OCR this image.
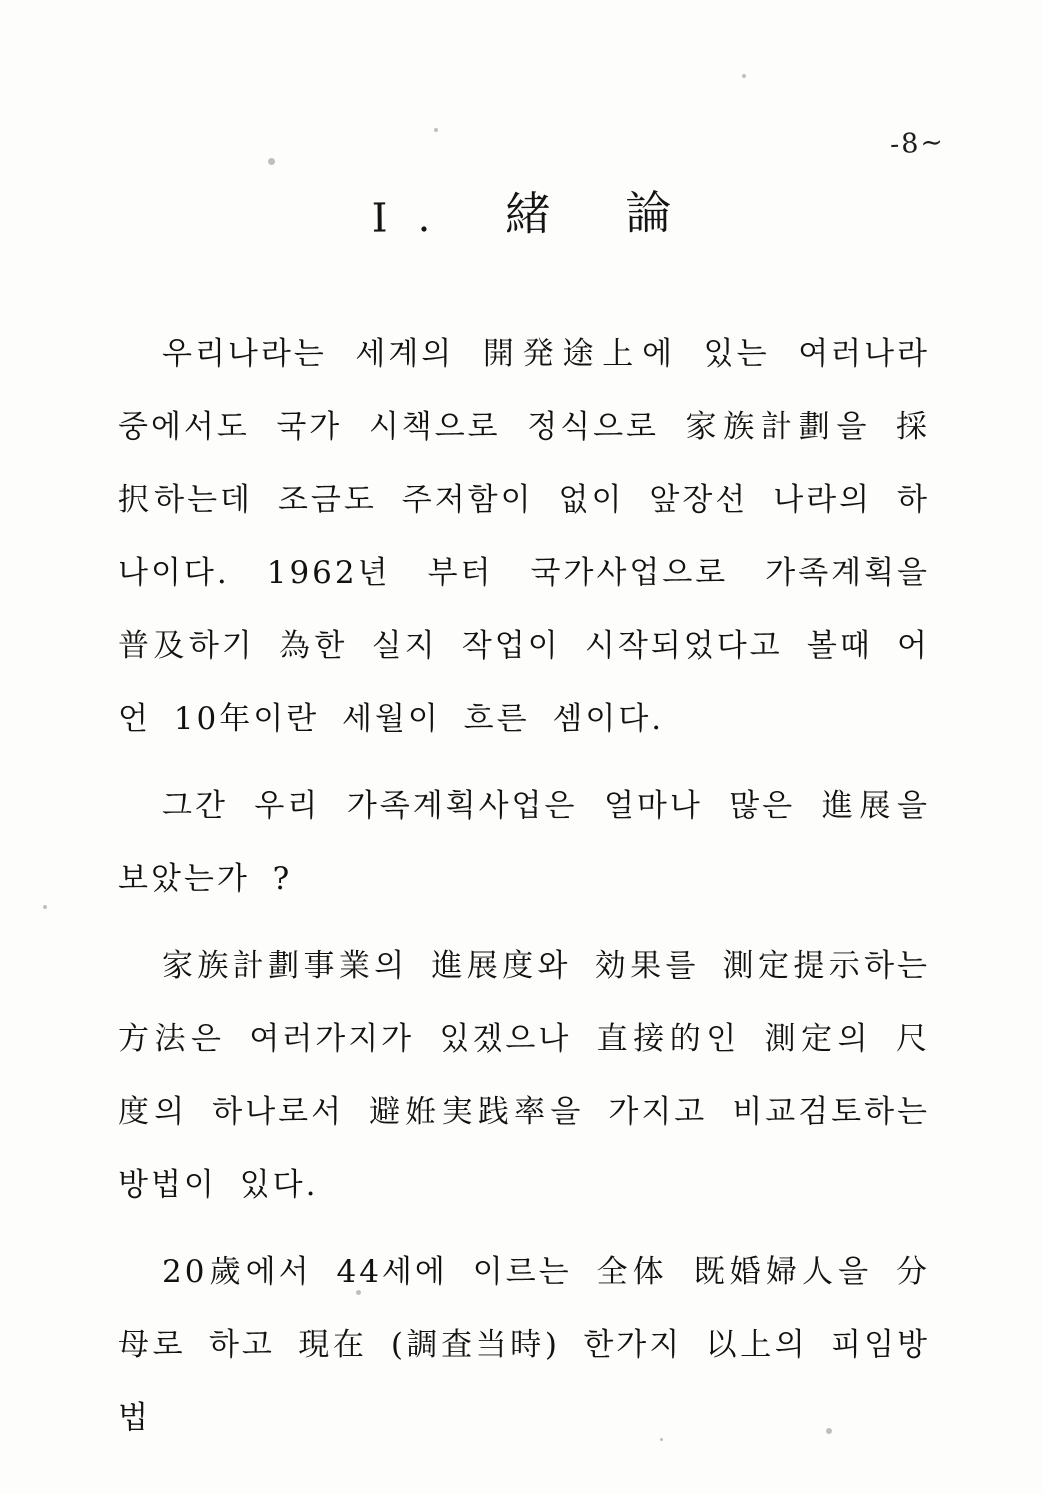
-8~
I. 緒 論

우리나라는 세계의 開発途上에 있는 여러나라 중에서도 국가 시책으로 정식으로 家族計劃을 採択하는데 조금도 주저함이 없이 앞장선 나라의 하나이다. 1962년 부터 국가사업으로 가족계획을 普及하기 為한 실지 작업이 시작되었다고 볼때 어언 10年이란 세월이 흐른 셈이다.

그간 우리 가족계획사업은 얼마나 많은 進展을 보았는가 ?

家族計劃事業의 進展度와 効果를 測定提示하는 方法은 여러가지가 있겠으나 直接的인 測定의 尺度의 하나로서 避姙実践率을 가지고 비교검토하는 방법이 있다.

20歲에서 44세에 이르는 全体 既婚婦人을 分母로 하고 現在 (調査当時) 한가지 以上의 피임방법
